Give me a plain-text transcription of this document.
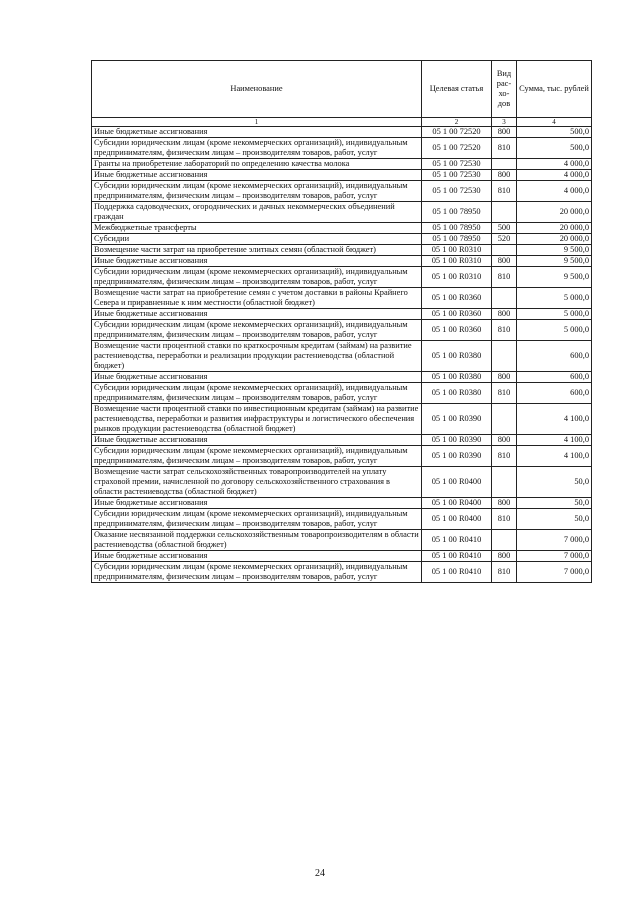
Наименование	Целевая статья	Вид рас-хо-дов	Сумма, тыс. рублей
1	2	3	4
Иные бюджетные ассигнования	05 1 00 72520	800	500,0
Субсидии юридическим лицам (кроме некоммерческих организаций), индивидуальным предпринимателям, физическим лицам – производителям товаров, работ, услуг	05 1 00 72520	810	500,0
Гранты на приобретение лабораторий по определению качества молока	05 1 00 72530		4 000,0
Иные бюджетные ассигнования	05 1 00 72530	800	4 000,0
Субсидии юридическим лицам (кроме некоммерческих организаций), индивидуальным предпринимателям, физическим лицам – производителям товаров, работ, услуг	05 1 00 72530	810	4 000,0
Поддержка садоводческих, огороднических и дачных некоммерческих объединений граждан	05 1 00 78950		20 000,0
Межбюджетные трансферты	05 1 00 78950	500	20 000,0
Субсидии	05 1 00 78950	520	20 000,0
Возмещение части затрат на приобретение элитных семян (областной бюджет)	05 1 00 R0310		9 500,0
Иные бюджетные ассигнования	05 1 00 R0310	800	9 500,0
Субсидии юридическим лицам (кроме некоммерческих организаций), индивидуальным предпринимателям, физическим лицам – производителям товаров, работ, услуг	05 1 00 R0310	810	9 500,0
Возмещение части затрат на приобретение семян с учетом доставки в районы Крайнего Севера и приравненные к ним местности (областной бюджет)	05 1 00 R0360		5 000,0
Иные бюджетные ассигнования	05 1 00 R0360	800	5 000,0
Субсидии юридическим лицам (кроме некоммерческих организаций), индивидуальным предпринимателям, физическим лицам – производителям товаров, работ, услуг	05 1 00 R0360	810	5 000,0
Возмещение части процентной ставки по краткосрочным кредитам (займам) на развитие растениеводства, переработки и реализации продукции растениеводства (областной бюджет)	05 1 00 R0380		600,0
Иные бюджетные ассигнования	05 1 00 R0380	800	600,0
Субсидии юридическим лицам (кроме некоммерческих организаций), индивидуальным предпринимателям, физическим лицам – производителям товаров, работ, услуг	05 1 00 R0380	810	600,0
Возмещение части процентной ставки по инвестиционным кредитам (займам) на развитие растениеводства, переработки и развития инфраструктуры и логистического обеспечения рынков продукции растениеводства (областной бюджет)	05 1 00 R0390		4 100,0
Иные бюджетные ассигнования	05 1 00 R0390	800	4 100,0
Субсидии юридическим лицам (кроме некоммерческих организаций), индивидуальным предпринимателям, физическим лицам – производителям товаров, работ, услуг	05 1 00 R0390	810	4 100,0
Возмещение части затрат сельскохозяйственных товаропроизводителей на уплату страховой премии, начисленной по договору сельскохозяйственного страхования в области растениеводства (областной бюджет)	05 1 00 R0400		50,0
Иные бюджетные ассигнования	05 1 00 R0400	800	50,0
Субсидии юридическим лицам (кроме некоммерческих организаций), индивидуальным предпринимателям, физическим лицам – производителям товаров, работ, услуг	05 1 00 R0400	810	50,0
Оказание несвязанной поддержки сельскохозяйственным товаропроизводителям в области растениеводства (областной бюджет)	05 1 00 R0410		7 000,0
Иные бюджетные ассигнования	05 1 00 R0410	800	7 000,0
Субсидии юридическим лицам (кроме некоммерческих организаций), индивидуальным предпринимателям, физическим лицам – производителям товаров, работ, услуг	05 1 00 R0410	810	7 000,0
24
